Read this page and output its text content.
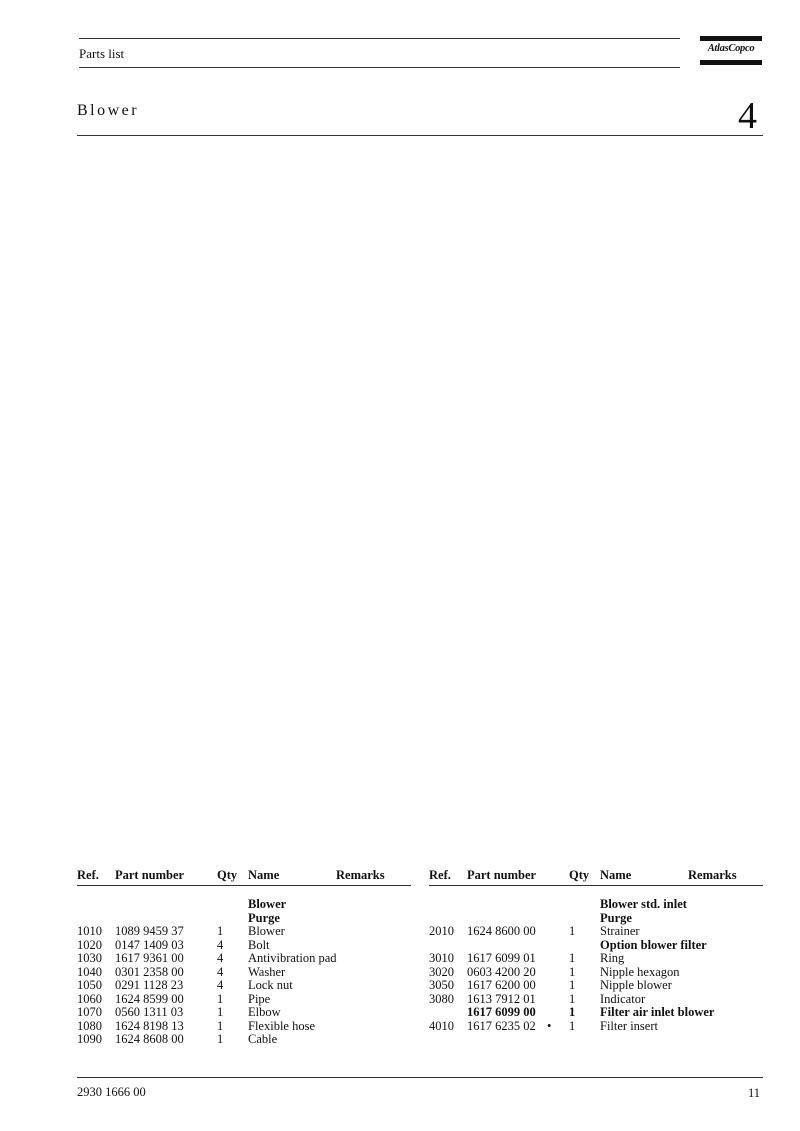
Parts list	AtlasCopco
Blower	4
Ref. Part number	Qty Name	Remarks
Blower
Purge
1010 1089 9459 37	1 Blower
1020 0147 1409 03	4 Bolt
1030 1617 9361 00	4 Antivibration pad
1040 0301 2358 00	4 Washer
1050 0291 1128 23	4 Lock nut
1060 1624 8599 00	1 Pipe
1070 0560 1311 03	1 Elbow
1080 1624 8198 13	1 Flexible hose
1090 1624 8608 00	1 Cable
Ref. Part number	Qty Name	Remarks
Blower std. inlet
Purge
2010 1624 8600 00	1 Strainer
Option blower filter
3010 1617 6099 01	1 Ring
3020 0603 4200 20	1 Nipple hexagon
3050 1617 6200 00	1 Nipple blower
3080 1613 7912 01	1 Indicator
1617 6099 00	1 Filter air inlet blower
4010 1617 6235 02 • 1 Filter insert
2930 1666 00	11
